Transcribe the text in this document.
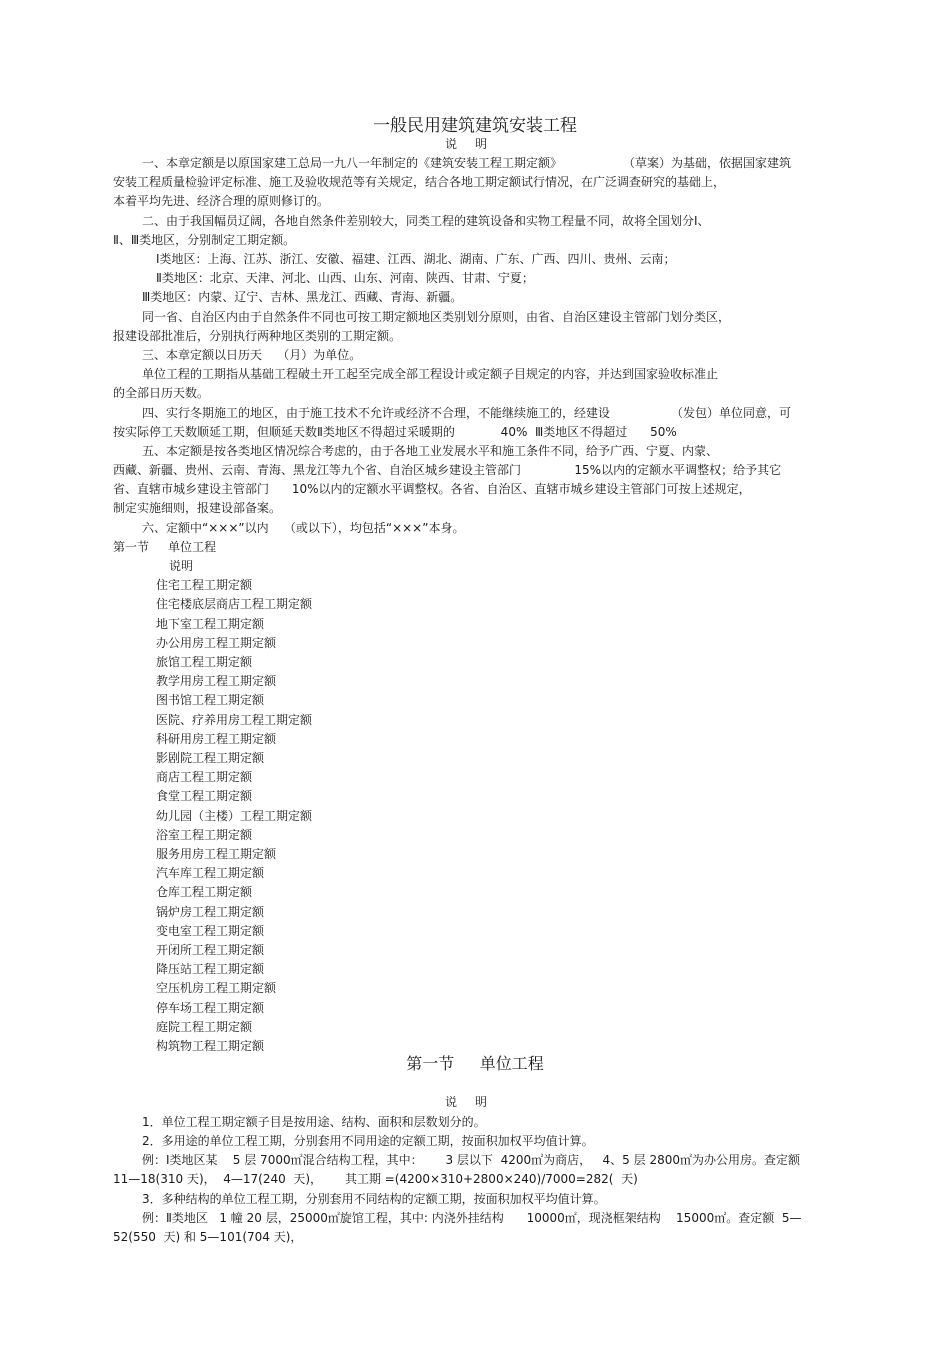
一般民用建筑建筑安装工程
说明
一、本章定额是以原国家建工总局一九八一年制定的《建筑安装工程工期定额》                （草案）为基础，依据国家建筑
安装工程质量检验评定标准、施工及验收规范等有关规定，结合各地工期定额试行情况，在广泛调查研究的基础上，
本着平均先进、经济合理的原则修订的。
二、由于我国幅员辽阔，各地自然条件差别较大，同类工程的建筑设备和实物工程量不同，故将全国划分Ⅰ、
Ⅱ、Ⅲ类地区，分别制定工期定额。
Ⅰ类地区：上海、江苏、浙江、安徽、福建、江西、湖北、湖南、广东、广西、四川、贵州、云南；
Ⅱ类地区：北京、天津、河北、山西、山东、河南、陕西、甘肃、宁夏；
Ⅲ类地区：内蒙、辽宁、吉林、黑龙江、西藏、青海、新疆。
同一省、自治区内由于自然条件不同也可按工期定额地区类别划分原则，由省、自治区建设主管部门划分类区，
报建设部批准后，分别执行两种地区类别的工期定额。
三、本章定额以日历天    （月）为单位。
单位工程的工期指从基础工程破土开工起至完成全部工程设计或定额子目规定的内容，并达到国家验收标准止
的全部日历天数。
四、实行冬期施工的地区，由于施工技术不允许或经济不合理，不能继续施工的，经建设                （发包）单位同意，可
按实际停工天数顺延工期，但顺延天数Ⅱ类地区不得超过采暖期的            40%  Ⅲ类地区不得超过      50%
五、本定额是按各类地区情况综合考虑的，由于各地工业发展水平和施工条件不同，给予广西、宁夏、内蒙、
西藏、新疆、贵州、云南、青海、黑龙江等九个省、自治区城乡建设主管部门              15%以内的定额水平调整权；给予其它
省、直辖市城乡建设主管部门      10%以内的定额水平调整权。各省、自治区、直辖市城乡建设主管部门可按上述规定，
制定实施细则，报建设部备案。
六、定额中“×××”以内    （或以下），均包括“×××”本身。
第一节     单位工程
说明
住宅工程工期定额
住宅楼底层商店工程工期定额
地下室工程工期定额
办公用房工程工期定额
旅馆工程工期定额
教学用房工程工期定额
图书馆工程工期定额
医院、疗养用房工程工期定额
科研用房工程工期定额
影剧院工程工期定额
商店工程工期定额
食堂工程工期定额
幼儿园（主楼）工程工期定额
浴室工程工期定额
服务用房工程工期定额
汽车库工程工期定额
仓库工程工期定额
锅炉房工程工期定额
变电室工程工期定额
开闭所工程工期定额
降压站工程工期定额
空压机房工程工期定额
停车场工程工期定额
庭院工程工期定额
构筑物工程工期定额
第一节     单位工程
说明
1．单位工程工期定额子目是按用途、结构、面积和层数划分的。
2．多用途的单位工程工期，分别套用不同用途的定额工期，按面积加权平均值计算。
例：Ⅰ类地区某    5 层 7000㎡混合结构工程，其中：      3 层以下  4200㎡为商店，   4、5 层 2800㎡为办公用房。查定额
11—18(310 天)，  4—17(240  天)，      其工期 =(4200×310+2800×240)/7000=282(  天)
3．多种结构的单位工程工期，分别套用不同结构的定额工期，按面积加权平均值计算。
例：Ⅱ类地区   1 幢 20 层，25000㎡旋馆工程，其中: 内浇外挂结构      10000㎡，现浇框架结构    15000㎡。查定额  5—
52(550  天) 和 5—101(704 天)，
